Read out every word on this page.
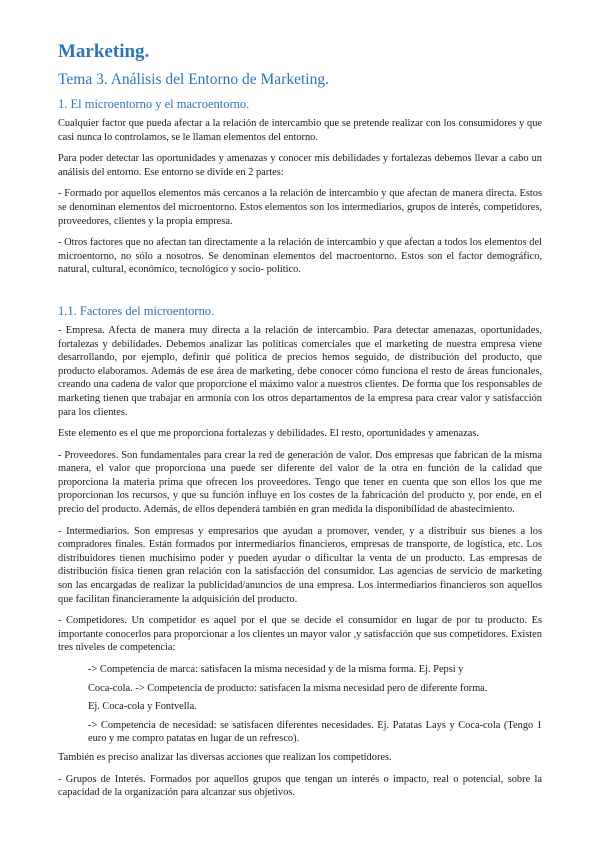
Marketing.
Tema 3. Análisis del Entorno de Marketing.
1. El microentorno y el macroentorno.

Cualquier factor que pueda afectar a la relación de intercambio que se pretende realizar con los consumidores y que casi nunca lo controlamos, se le llaman elementos del entorno.

Para poder detectar las oportunidades y amenazas y conocer mis debilidades y fortalezas debemos llevar a cabo un análisis del entorno. Ese entorno se divide en 2 partes:

- Formado por aquellos elementos más cercanos a la relación de intercambio y que afectan de manera directa. Estos se denominan elementos del microentorno. Estos elementos son los intermediarios, grupos de interés, competidores, proveedores, clientes y la propia empresa.

- Otros factores que no afectan tan directamente a la relación de intercambio y que afectan a todos los elementos del microentorno, no sólo a nosotros. Se denominan elementos del macroentorno. Estos son el factor demográfico, natural, cultural, económico, tecnológico y socio- político.

1.1. Factores del microentorno.

- Empresa. Afecta de manera muy directa a la relación de intercambio. Para detectar amenazas, oportunidades, fortalezas y debilidades. Debemos analizar las políticas comerciales que el marketing de nuestra empresa viene desarrollando, por ejemplo, definir qué política de precios hemos seguido, de distribución del producto, que producto elaboramos. Además de ese área de marketing, debe conocer cómo funciona el resto de áreas funcionales, creando una cadena de valor que proporcione el máximo valor a nuestros clientes. De forma que los responsables de marketing tienen que trabajar en armonía con los otros departamentos de la empresa para crear valor y satisfacción para los clientes.

Este elemento es el que me proporciona fortalezas y debilidades. El resto, oportunidades y amenazas.

- Proveedores. Son fundamentales para crear la red de generación de valor. Dos empresas que fabrican de la misma manera, el valor que proporciona una puede ser diferente del valor de la otra en función de la calidad que proporciona la materia prima que ofrecen los proveedores. Tengo que tener en cuenta que son ellos los que me proporcionan los recursos, y que su función influye en los costes de la fabricación del producto y, por ende, en el precio del producto. Además, de ellos dependerá también en gran medida la disponibilidad de abastecimiento.

- Intermediarios. Son empresas y empresarios que ayudan a promover, vender, y a distribuir sus bienes a los compradores finales. Están formados por intermediarios financieros, empresas de transporte, de logística, etc. Los distribuidores tienen muchísimo poder y pueden ayudar o dificultar la venta de un producto. Las empresas de distribución física tienen gran relación con la satisfacción del consumidor. Las agencias de servicio de marketing son las encargadas de realizar la publicidad/anuncios de una empresa. Los intermediarios financieros son aquellos que facilitan financieramente la adquisición del producto.

- Competidores. Un competidor es aquel por el que se decide el consumidor en lugar de por tu producto. Es importante conocerlos para proporcionar a los clientes un mayor valor ,y satisfacción que sus competidores. Existen tres niveles de competencia:

-> Competencia de marca: satisfacen la misma necesidad y de la misma forma. Ej. Pepsi y

Coca-cola. -> Competencia de producto: satisfacen la misma necesidad pero de diferente forma.

Ej. Coca-cola y Fontvella.

-> Competencia de necesidad: se satisfacen diferentes necesidades. Ej. Patatas Lays y Coca-cola (Tengo 1 euro y me compro patatas en lugar de un refresco).

También es preciso analizar las diversas acciones que realizan los competidores.

- Grupos de Interés. Formados por aquellos grupos que tengan un interés o impacto, real o potencial, sobre la capacidad de la organización para alcanzar sus objetivos.
